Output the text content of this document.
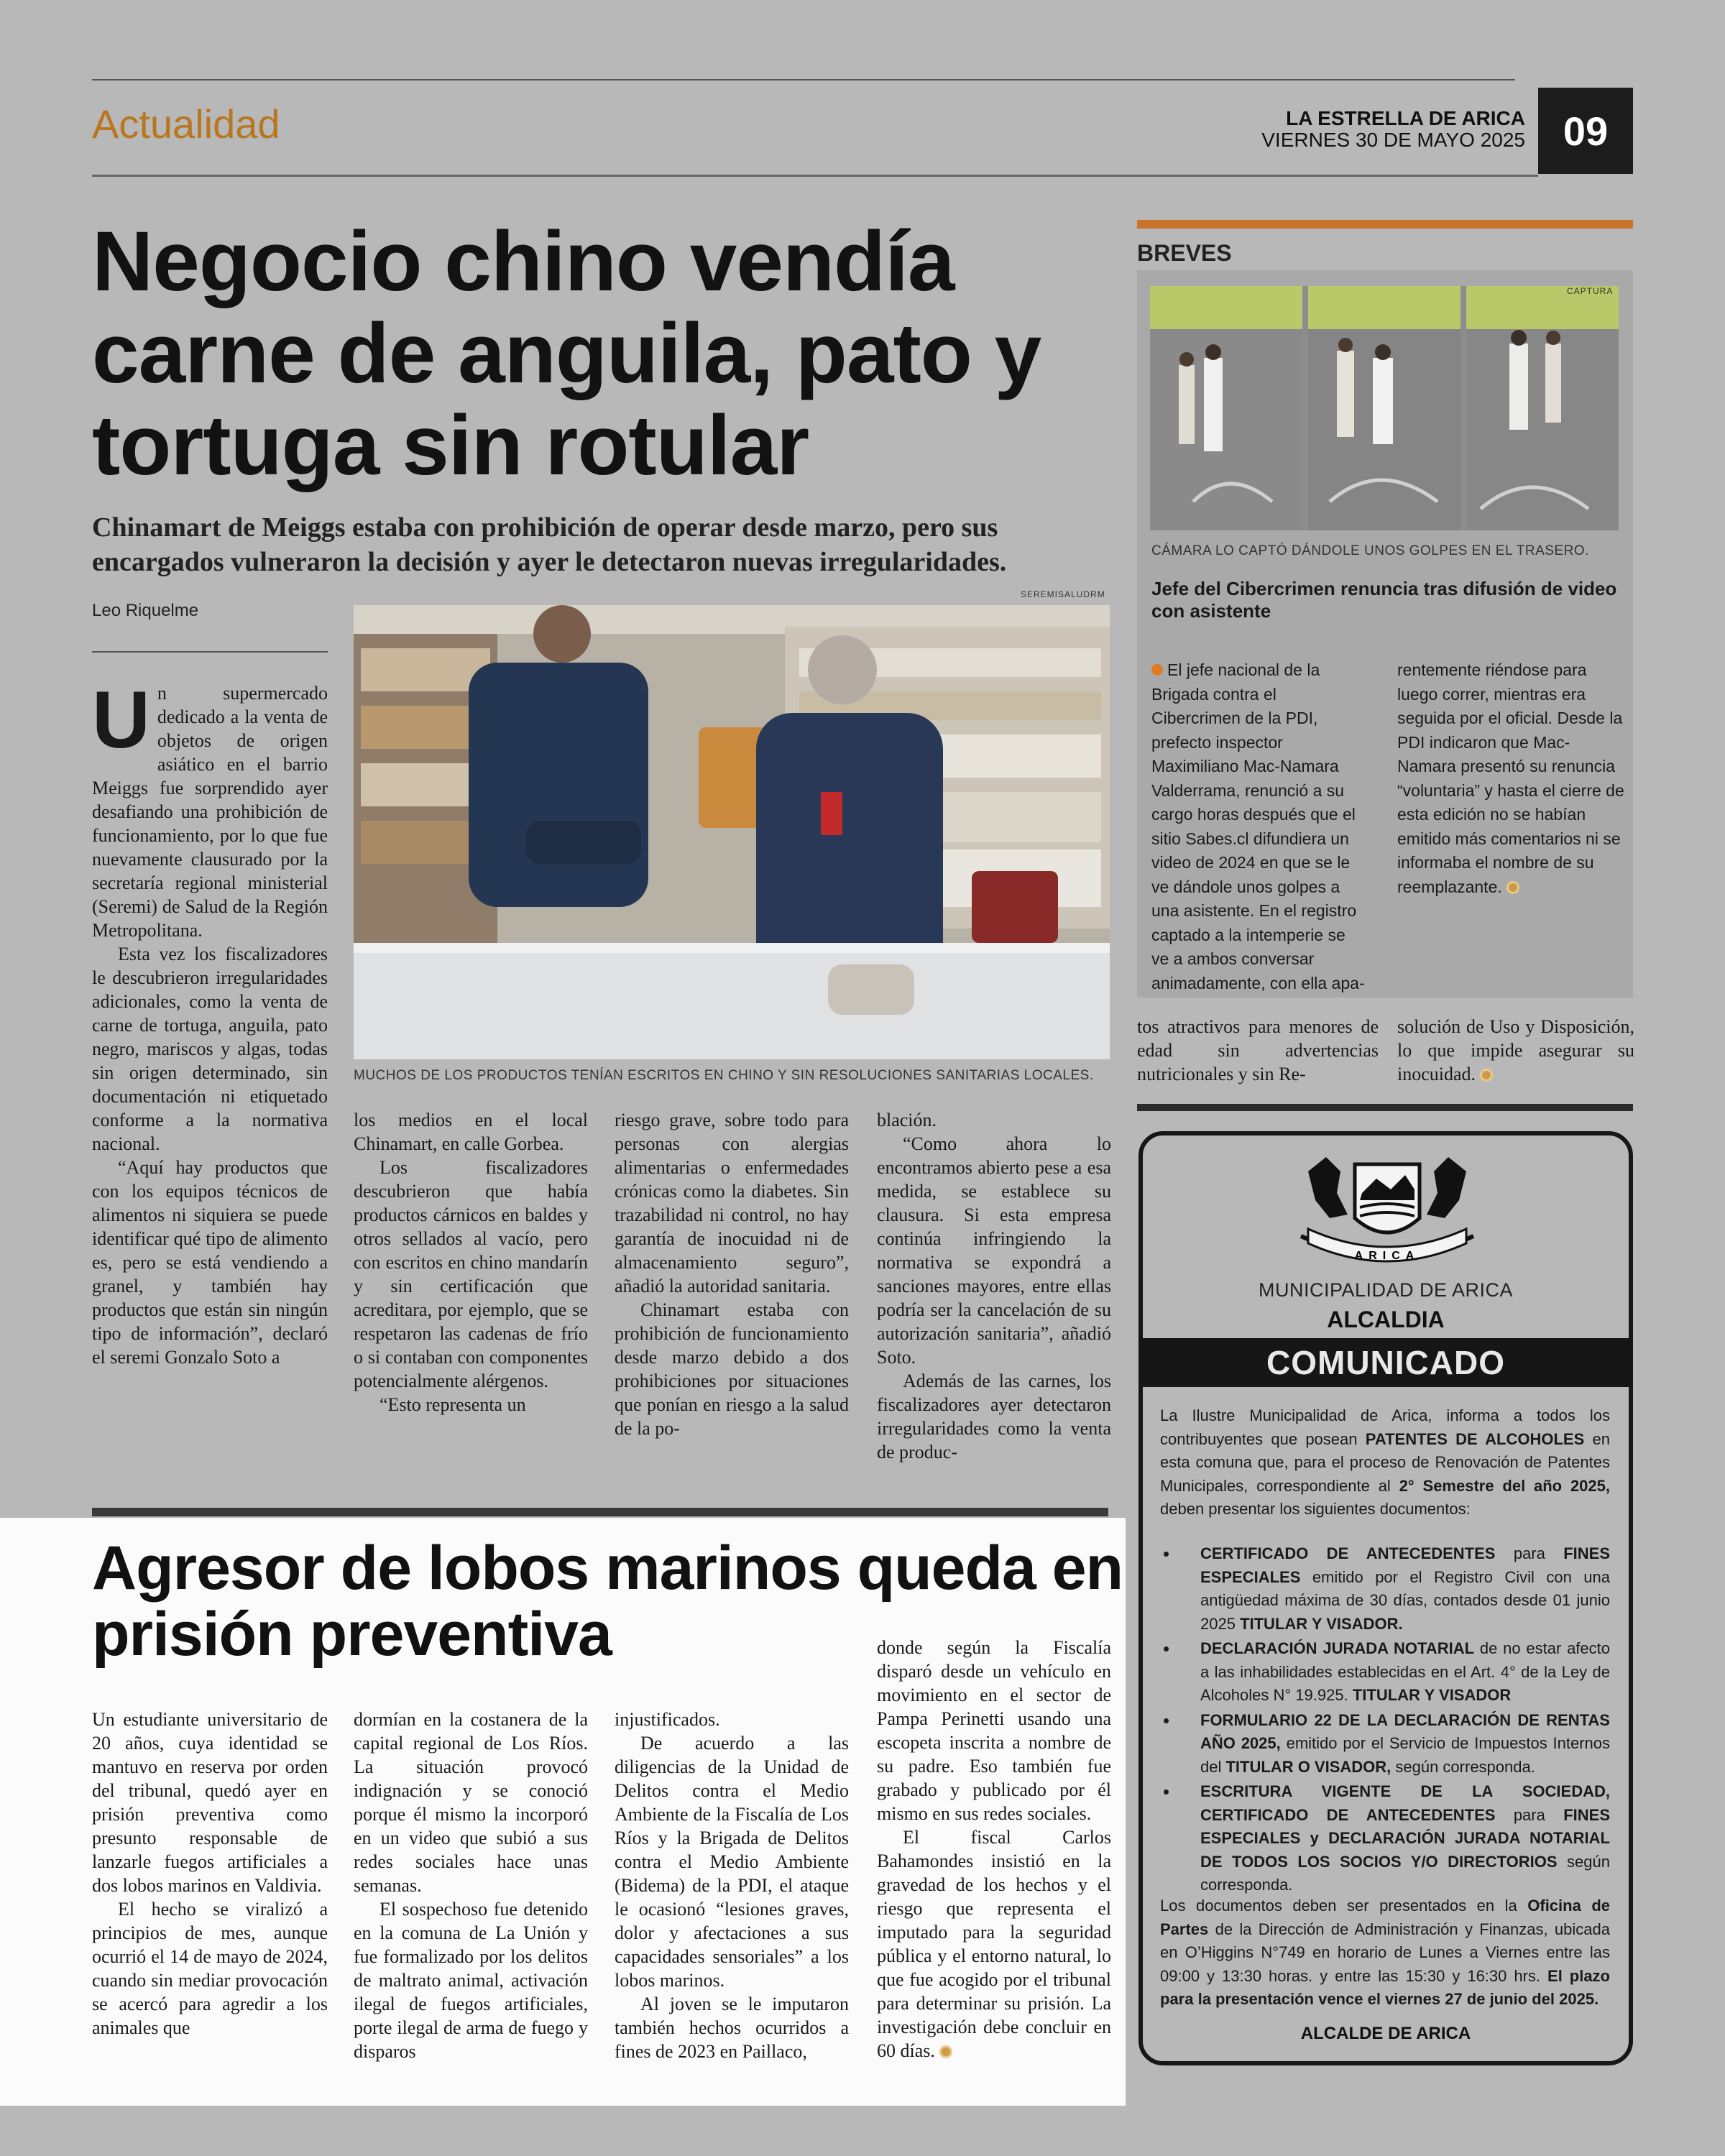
Actualidad	LA ESTRELLA DE ARICA
VIERNES 30 DE MAYO 2025 09
Negocio chino vendía carne de anguila, pato y tortuga sin rotular
Chinamart de Meiggs estaba con prohibición de operar desde marzo, pero sus encargados vulneraron la decisión y ayer le detectaron nuevas irregularidades.
Leo Riquelme
SEREMISALUDRM
MUCHOS DE LOS PRODUCTOS TENÍAN ESCRITOS EN CHINO Y SIN RESOLUCIONES SANITARIAS LOCALES.

Un supermercado dedicado a la venta de objetos de origen asiático en el barrio Meiggs fue sorprendido ayer desafiando una prohibición de funcionamiento, por lo que fue nuevamente clausurado por la secretaría regional ministerial (Seremi) de Salud de la Región Metropolitana.

Esta vez los fiscalizadores le descubrieron irregularidades adicionales, como la venta de carne de tortuga, anguila, pato negro, mariscos y algas, todas sin origen determinado, sin documentación ni etiquetado conforme a la normativa nacional.

“Aquí hay productos que con los equipos técnicos de alimentos ni siquiera se puede identificar qué tipo de alimento es, pero se está vendiendo a granel, y también hay productos que están sin ningún tipo de información”, declaró el seremi Gonzalo Soto a

los medios en el local Chinamart, en calle Gorbea.

Los fiscalizadores descubrieron que había productos cárnicos en baldes y otros sellados al vacío, pero con escritos en chino mandarín y sin certificación que acreditara, por ejemplo, que se respetaron las cadenas de frío o si contaban con componentes potencialmente alérgenos.

“Esto representa un

riesgo grave, sobre todo para personas con alergias alimentarias o enfermedades crónicas como la diabetes. Sin trazabilidad ni control, no hay garantía de inocuidad ni de almacenamiento seguro”, añadió la autoridad sanitaria.

Chinamart estaba con prohibición de funcionamiento desde marzo debido a dos prohibiciones por situaciones que ponían en riesgo a la salud de la po-

blación.

“Como ahora lo encontramos abierto pese a esa medida, se establece su clausura. Si esta empresa continúa infringiendo la normativa se expondrá a sanciones mayores, entre ellas podría ser la cancelación de su autorización sanitaria”, añadió Soto.

Además de las carnes, los fiscalizadores ayer detectaron irregularidades como la venta de produc-

BREVES
CAPTURA
CÁMARA LO CAPTÓ DÁNDOLE UNOS GOLPES EN EL TRASERO.
Jefe del Cibercrimen renuncia tras difusión de video con asistente
El jefe nacional de la Brigada contra el Cibercrimen de la PDI, prefecto inspector Maximiliano Mac-Namara Valderrama, renunció a su cargo horas después que el sitio Sabes.cl difundiera un video de 2024 en que se le ve dándole unos golpes a una asistente. En el registro captado a la intemperie se ve a ambos conversar animadamente, con ella apa-
rentemente riéndose para luego correr, mientras era seguida por el oficial. Desde la PDI indicaron que Mac-Namara presentó su renuncia “voluntaria” y hasta el cierre de esta edición no se habían emitido más comentarios ni se informaba el nombre de su reemplazante.

tos atractivos para menores de edad sin advertencias nutricionales y sin Re-

solución de Uso y Disposición, lo que impide asegurar su inocuidad.

ARICA
MUNICIPALIDAD DE ARICA
ALCALDIA
COMUNICADO
La Ilustre Municipalidad de Arica, informa a todos los contribuyentes que posean PATENTES DE ALCOHOLES en esta comuna que, para el proceso de Renovación de Patentes Municipales, correspondiente al 2° Semestre del año 2025, deben presentar los siguientes documentos:
• CERTIFICADO DE ANTECEDENTES para FINES ESPECIALES emitido por el Registro Civil con una antigüedad máxima de 30 días, contados desde 01 junio 2025 TITULAR Y VISADOR.
• DECLARACIÓN JURADA NOTARIAL de no estar afecto a las inhabilidades establecidas en el Art. 4° de la Ley de Alcoholes N° 19.925. TITULAR Y VISADOR
• FORMULARIO 22 DE LA DECLARACIÓN DE RENTAS AÑO 2025, emitido por el Servicio de Impuestos Internos del TITULAR O VISADOR, según corresponda.
• ESCRITURA VIGENTE DE LA SOCIEDAD, CERTIFICADO DE ANTECEDENTES para FINES ESPECIALES y DECLARACIÓN JURADA NOTARIAL DE TODOS LOS SOCIOS Y/O DIRECTORIOS según corresponda.
Los documentos deben ser presentados en la Oficina de Partes de la Dirección de Administración y Finanzas, ubicada en O’Higgins N°749 en horario de Lunes a Viernes entre las 09:00 y 13:30 horas. y entre las 15:30 y 16:30 hrs. El plazo para la presentación vence el viernes 27 de junio del 2025.
ALCALDE DE ARICA
Agresor de lobos marinos queda en prisión preventiva

Un estudiante universitario de 20 años, cuya identidad se mantuvo en reserva por orden del tribunal, quedó ayer en prisión preventiva como presunto responsable de lanzarle fuegos artificiales a dos lobos marinos en Valdivia.

El hecho se viralizó a principios de mes, aunque ocurrió el 14 de mayo de 2024, cuando sin mediar provocación se acercó para agredir a los animales que

dormían en la costanera de la capital regional de Los Ríos. La situación provocó indignación y se conoció porque él mismo la incorporó en un video que subió a sus redes sociales hace unas semanas.

El sospechoso fue detenido en la comuna de La Unión y fue formalizado por los delitos de maltrato animal, activación ilegal de fuegos artificiales, porte ilegal de arma de fuego y disparos

injustificados.

De acuerdo a las diligencias de la Unidad de Delitos contra el Medio Ambiente de la Fiscalía de Los Ríos y la Brigada de Delitos contra el Medio Ambiente (Bidema) de la PDI, el ataque le ocasionó “lesiones graves, dolor y afectaciones a sus capacidades sensoriales” a los lobos marinos.

Al joven se le imputaron también hechos ocurridos a fines de 2023 en Paillaco,

donde según la Fiscalía disparó desde un vehículo en movimiento en el sector de Pampa Perinetti usando una escopeta inscrita a nombre de su padre. Eso también fue grabado y publicado por él mismo en sus redes sociales.

El fiscal Carlos Bahamondes insistió en la gravedad de los hechos y el riesgo que representa el imputado para la seguridad pública y el entorno natural, lo que fue acogido por el tribunal para determinar su prisión. La investigación debe concluir en 60 días.
